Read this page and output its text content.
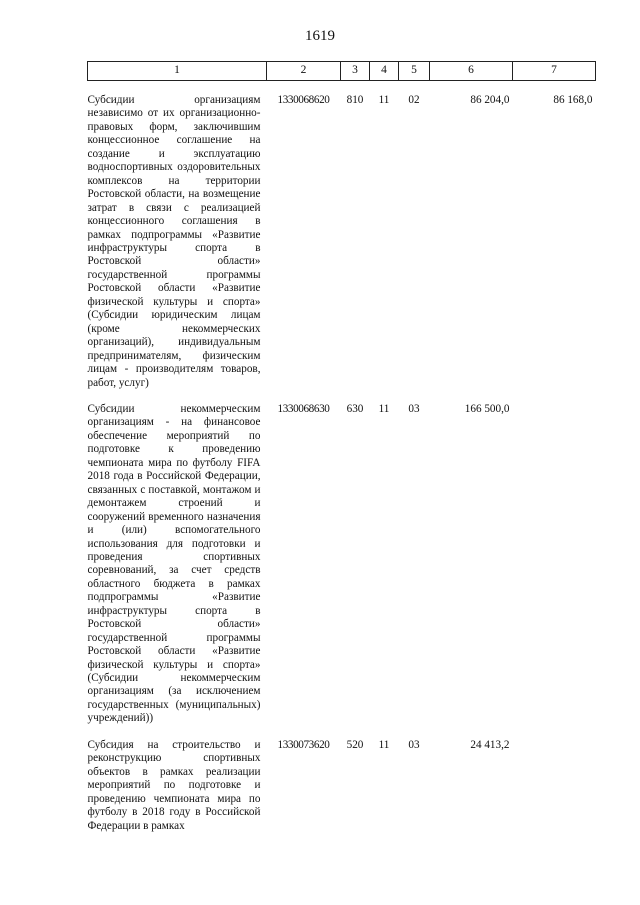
1619
1	2	3	4	5	6	7

Субсидии организациям независимо от их организационно-правовых форм, заключившим концессионное соглашение на создание и эксплуатацию водноспортивных оздоровительных комплексов на территории Ростовской области, на возмещение затрат в связи с реализацией концессионного соглашения в рамках подпрограммы «Развитие инфраструктуры спорта в Ростовской области» государственной программы Ростовской области «Развитие физической культуры и спорта» (Субсидии юридическим лицам (кроме некоммерческих организаций), индивидуальным предпринимателям, физическим лицам - производителям товаров, работ, услуг)	1330068620	810	11	02	86 204,0	86 168,0

Субсидии некоммерческим организациям - на финансовое обеспечение мероприятий по подготовке к проведению чемпионата мира по футболу FIFA 2018 года в Российской Федерации, связанных с поставкой, монтажом и демонтажем строений и сооружений временного назначения и (или) вспомогательного использования для подготовки и проведения спортивных соревнований, за счет средств областного бюджета в рамках подпрограммы «Развитие инфраструктуры спорта в Ростовской области» государственной программы Ростовской области «Развитие физической культуры и спорта» (Субсидии некоммерческим организациям (за исключением государственных (муниципальных) учреждений))	1330068630	630	11	03	166 500,0	

Субсидия на строительство и реконструкцию спортивных объектов в рамках реализации мероприятий по подготовке и проведению чемпионата мира по футболу в 2018 году в Российской Федерации в рамках	1330073620	520	11	03	24 413,2	
